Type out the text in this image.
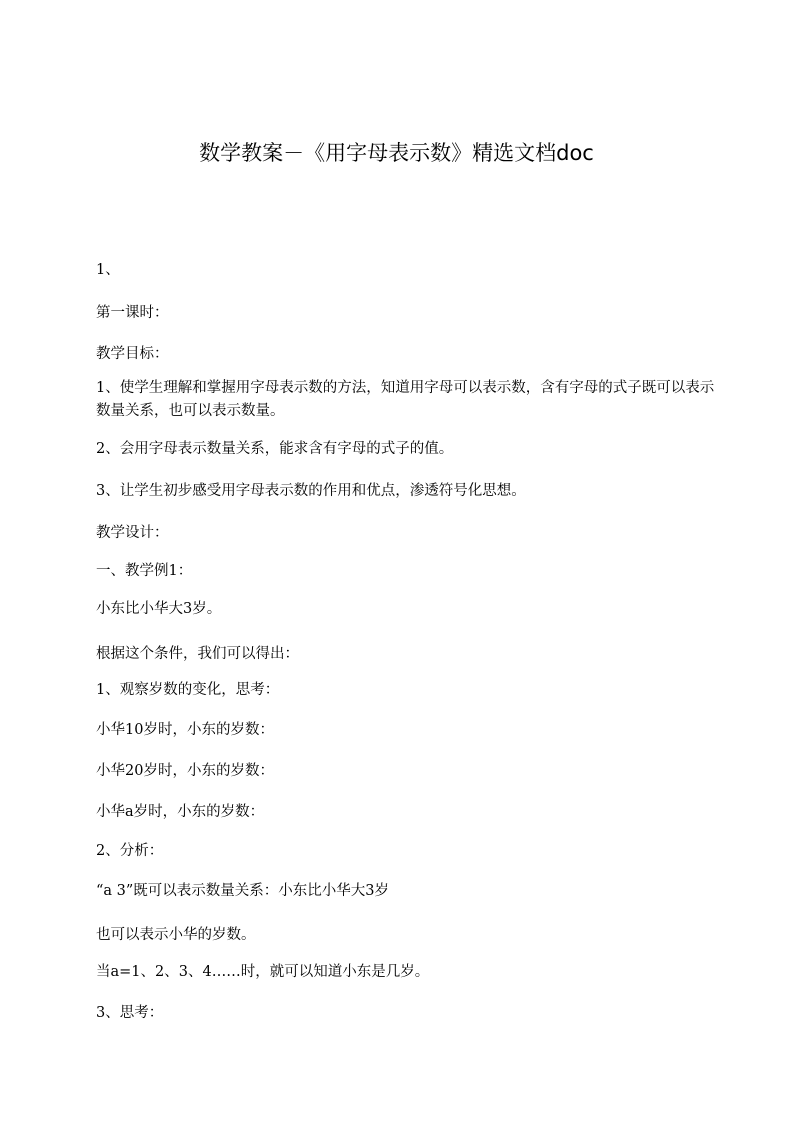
数学教案－《用字母表示数》精选文档doc
1、
第一课时：
教学目标：
1、使学生理解和掌握用字母表示数的方法，知道用字母可以表示数，含有字母的式子既可以表示数量关系，也可以表示数量。
2、会用字母表示数量关系，能求含有字母的式子的值。
3、让学生初步感受用字母表示数的作用和优点，渗透符号化思想。
教学设计：
一、教学例1：
小东比小华大3岁。
根据这个条件，我们可以得出：
1、观察岁数的变化，思考：
小华10岁时，小东的岁数：
小华20岁时，小东的岁数：
小华a岁时，小东的岁数：
2、分析：
“a 3”既可以表示数量关系：小东比小华大3岁
也可以表示小华的岁数。
当a=1、2、3、4……时，就可以知道小东是几岁。
3、思考：
